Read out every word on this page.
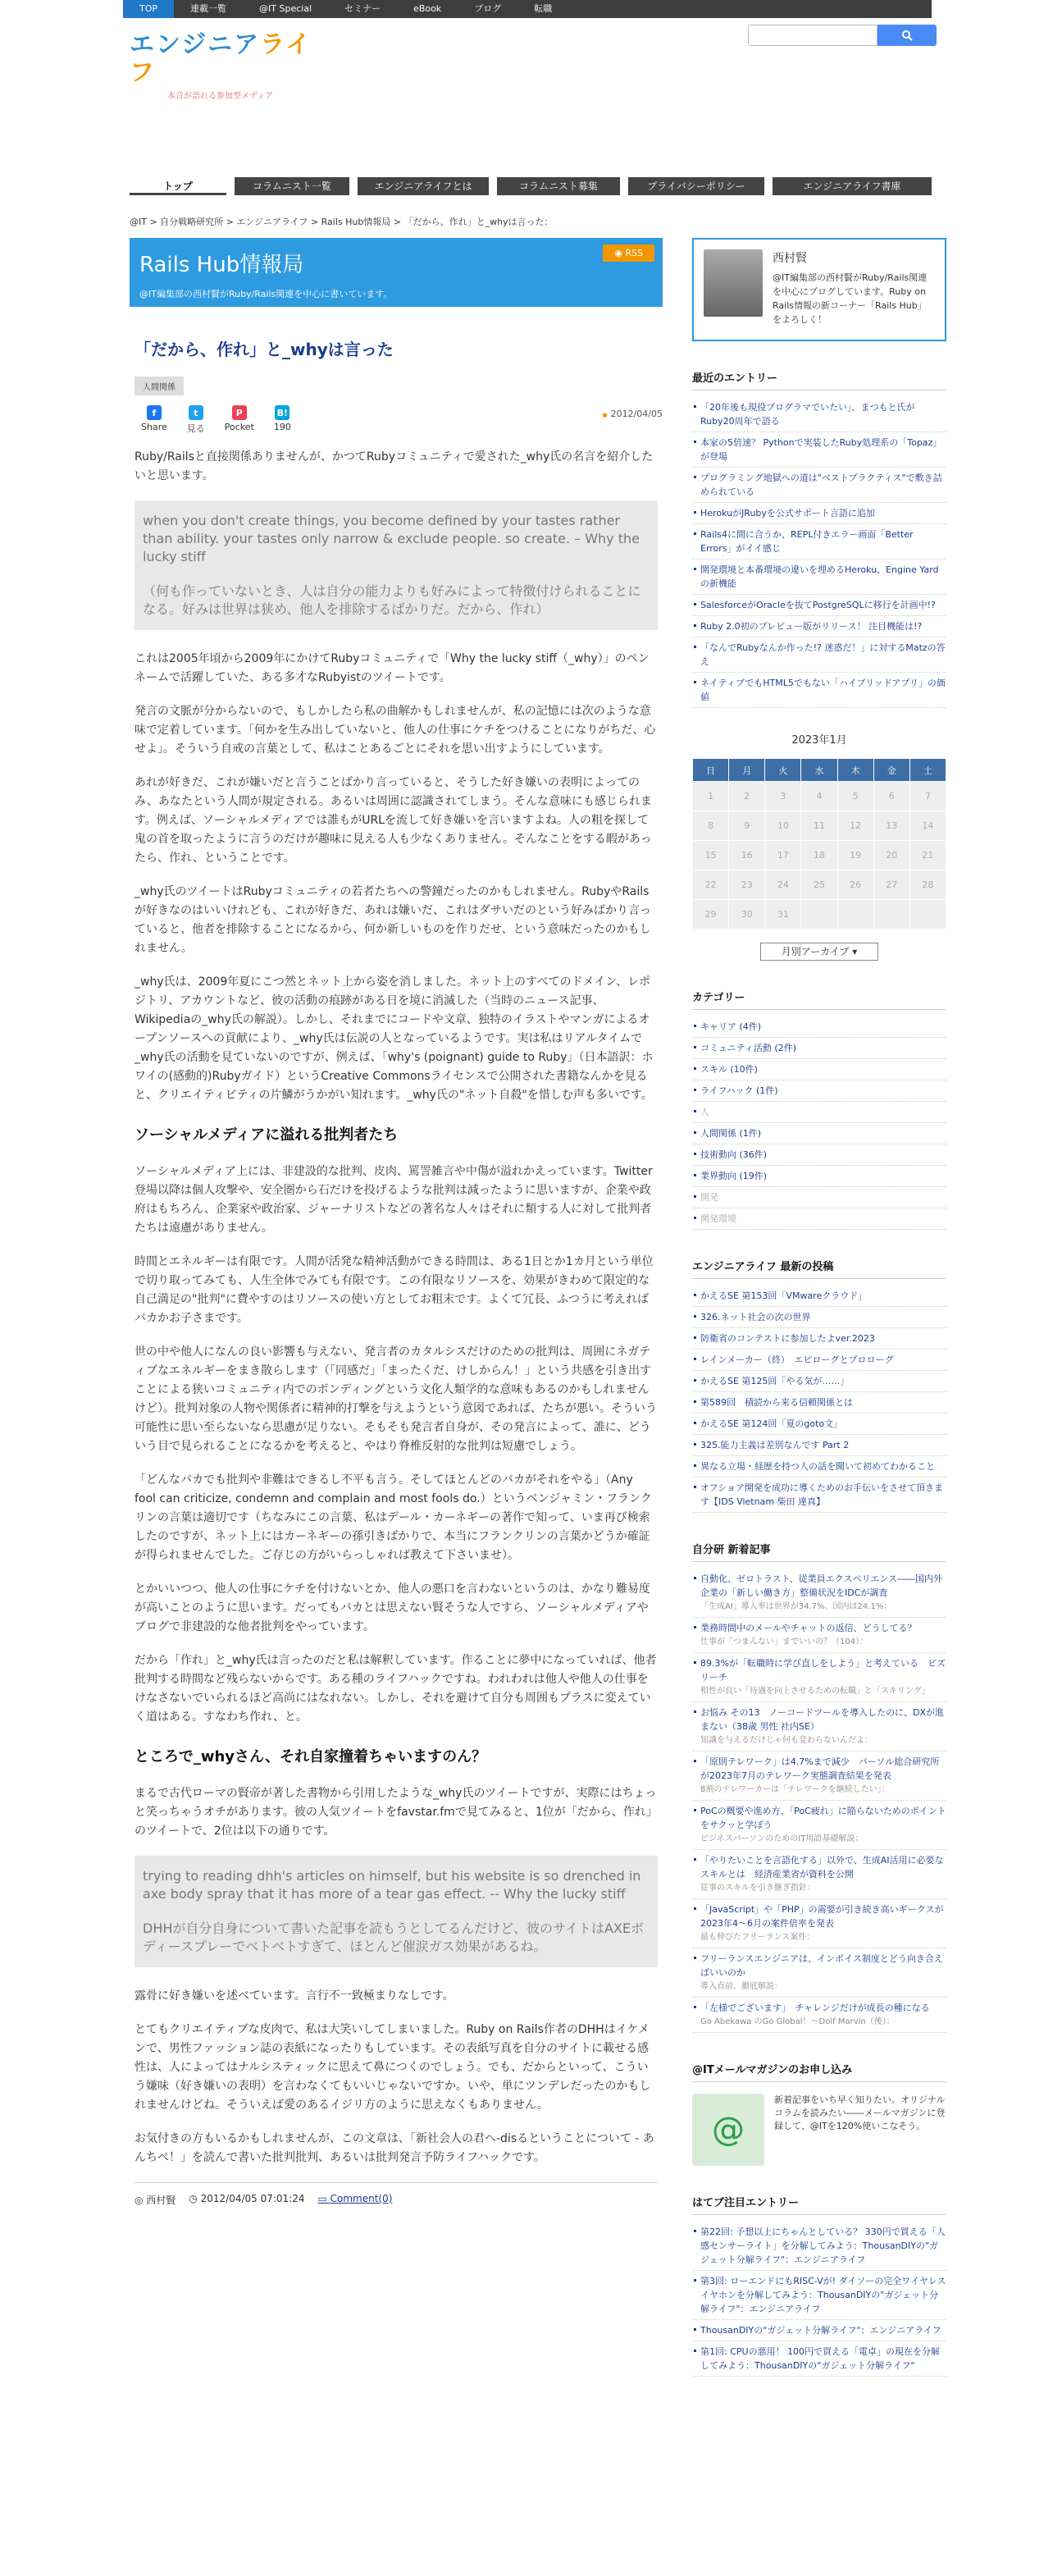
TOP	連載一覧	@IT Special	セミナー	eBook	ブログ	転職
エンジニアライフ
本音が語れる参加型メディア
トップ	コラムニスト一覧	エンジニアライフとは	コラムニスト募集	プライバシーポリシー	エンジニアライフ書庫
@IT > 自分戦略研究所 > エンジニアライフ > Rails Hub情報局 > 「だから、作れ」と_whyは言った：
Rails Hub情報局
@IT編集部の西村賢がRuby/Rails関連を中心に書いています。
◉ RSS
「だから、作れ」と_whyは言った
人間関係
● 2012/04/05
f
Share
t
見る
P
Pocket
B!
190

Ruby/Railsと直接関係ありませんが、かつてRubyコミュニティで愛された_why氏の名言を紹介したいと思います。

when you don't create things, you become defined by your tastes rather than ability. your tastes only narrow & exclude people. so create. – Why the lucky stiff

（何も作っていないとき、人は自分の能力よりも好みによって特徴付けられることになる。好みは世界は狭め、他人を排除するばかりだ。だから、作れ）

これは2005年頃から2009年にかけてRubyコミュニティで「Why the lucky stiff（_why）」のペンネームで活躍していた、ある多才なRubyistのツイートです。

発言の文脈が分からないので、もしかしたら私の曲解かもしれませんが、私の記憶には次のような意味で定着しています。「何かを生み出していないと、他人の仕事にケチをつけることになりがちだ、心せよ」。そういう自戒の言葉として、私はことあるごとにそれを思い出すようにしています。

あれが好きだ、これが嫌いだと言うことばかり言っていると、そうした好き嫌いの表明によってのみ、あなたという人間が規定される。あるいは周囲に認識されてしまう。そんな意味にも感じられます。例えば、ソーシャルメディアでは誰もがURLを流して好き嫌いを言いますよね。人の粗を探して鬼の首を取ったように言うのだけが趣味に見える人も少なくありません。そんなことをする暇があったら、作れ、ということです。

_why氏のツイートはRubyコミュニティの若者たちへの警鐘だったのかもしれません。RubyやRailsが好きなのはいいけれども、これが好きだ、あれは嫌いだ、これはダサいだのという好みばかり言っていると、他者を排除することになるから、何か新しいものを作りだせ、という意味だったのかもしれません。

_why氏は、2009年夏にこつ然とネット上から姿を消しました。ネット上のすべてのドメイン、レポジトリ、アカウントなど、彼の活動の痕跡がある日を境に消滅した（当時のニュース記事、Wikipediaの_why氏の解説）。しかし、それまでにコードや文章、独特のイラストやマンガによるオープンソースへの貢献により、_why氏は伝説の人となっているようです。実は私はリアルタイムで_why氏の活動を見ていないのですが、例えば、「why's (poignant) guide to Ruby」（日本語訳：ホワイの(感動的)Rubyガイド）というCreative Commonsライセンスで公開された書籍なんかを見ると、クリエイティビティの片鱗がうかがい知れます。_why氏の"ネット自殺"を惜しむ声も多いです。

ソーシャルメディアに溢れる批判者たち

ソーシャルメディア上には、非建設的な批判、皮肉、罵詈雑言や中傷が溢れかえっています。Twitter登場以降は個人攻撃や、安全圏から石だけを投げるような批判は減ったように思いますが、企業や政府はもちろん、企業家や政治家、ジャーナリストなどの著名な人々はそれに類する人に対して批判者たちは遠慮がありません。

時間とエネルギーは有限です。人間が活発な精神活動ができる時間は、ある1日とか1カ月という単位で切り取ってみても、人生全体でみても有限です。この有限なリソースを、効果がきわめて限定的な自己満足の"批判"に費やすのはリソースの使い方としてお粗末です。よくて冗長、ふつうに考えればバカかお子さまです。

世の中や他人になんの良い影響も与えない、発言者のカタルシスだけのための批判は、周囲にネガティブなエネルギーをまき散らします（「同感だ」「まったくだ、けしからん！」という共感を引き出すことによる狭いコミュニティ内でのボンディングという文化人類学的な意味もあるのかもしれませんけど）。批判対象の人物や関係者に精神的打撃を与えようという意図であれば、たちが悪い。そういう可能性に思い至らないなら思慮が足りない。そもそも発言者自身が、その発言によって、誰に、どういう目で見られることになるかを考えると、やはり脊椎反射的な批判は短慮でしょう。

「どんなバカでも批判や非難はできるし不平も言う。そしてほとんどのバカがそれをやる」（Any fool can criticize, condemn and complain and most fools do.）というベンジャミン・フランクリンの言葉は適切です（ちなみにこの言葉、私はデール・カーネギーの著作で知って、いま再び検索したのですが、ネット上にはカーネギーの孫引きばかりで、本当にフランクリンの言葉かどうか確証が得られませんでした。ご存じの方がいらっしゃれば教えて下さいませ）。

とかいいつつ、他人の仕事にケチを付けないとか、他人の悪口を言わないというのは、かなり難易度が高いことのように思います。だってもバカとは思えない賢そうな人ですら、ソーシャルメディアやブログで非建設的な他者批判をやっています。

だから「作れ」と_why氏は言ったのだと私は解釈しています。作ることに夢中になっていれば、他者批判する時間など残らないからです。ある種のライフハックですね。われわれは他人や他人の仕事をけなさないでいられるほど高尚にはなれない。しかし、それを避けて自分も周囲もプラスに変えていく道はある。すなわち作れ、と。

ところで_whyさん、それ自家撞着ちゃいますのん？

まるで古代ローマの賢帝が著した書物から引用したような_why氏のツイートですが、実際にはちょっと笑っちゃうオチがあります。彼の人気ツイートをfavstar.fmで見てみると、1位が「だから、作れ」のツイートで、2位は以下の通りです。

trying to reading dhh's articles on himself, but his website is so drenched in axe body spray that it has more of a tear gas effect. -- Why the lucky stiff

DHHが自分自身について書いた記事を読もうとしてるんだけど、彼のサイトはAXEボディースプレーでベトベトすぎて、ほとんど催涙ガス効果があるね。

露骨に好き嫌いを述べています。言行不一致極まりなしです。

とてもクリエイティブな皮肉で、私は大笑いしてしまいました。Ruby on Rails作者のDHHはイケメンで、男性ファッション誌の表紙になったりもしています。その表紙写真を自分のサイトに載せる感性は、人によってはナルシスティックに思えて鼻につくのでしょう。でも、だからといって、こういう嫌味（好き嫌いの表明）を言わなくてもいいじゃないですか。いや、単にツンデレだったのかもしれませんけどね。そういえば愛のあるイジリ方のように思えなくもありません。

お気付きの方もいるかもしれませんが、この文章は、「新社会人の君へ-disるということについて - あんちぺ！」を読んで書いた批判批判、あるいは批判発言予防ライフハックです。

◎ 西村賢 ◷ 2012/04/05 07:01:24 ▭ Comment(0)
西村賢
@IT編集部の西村賢がRuby/Rails関連を中心にブログしています。Ruby on Rails情報の新コーナー「Rails Hub」をよろしく！
最近のエントリー
「20年後も現役プログラマでいたい」、まつもと氏がRuby20周年で語る
本家の5倍速？ Pythonで実装したRuby処理系の「Topaz」が登場
プログラミング地獄への道は"ベストプラクティス"で敷き詰められている
HerokuがJRubyを公式サポート言語に追加
Rails4に間に合うか、REPL付きエラー画面「Better Errors」がイイ感じ
開発環境と本番環境の違いを埋めるHeroku、Engine Yardの新機能
SalesforceがOracleを抜てPostgreSQLに移行を計画中!?
Ruby 2.0初のプレビュー版がリリース！ 注目機能は!?
「なんでRubyなんか作った!? 迷惑だ！」に対するMatzの答え
ネイティブでもHTML5でもない「ハイブリッドアプリ」の価値
2023年1月
日	月	火	水	木	金	土
1	2	3	4	5	6	7
8	9	10	11	12	13	14
15	16	17	18	19	20	21
22	23	24	25	26	27	28
29	30	31				
月別アーカイブ ▾
カテゴリー
キャリア (4件)
コミュニティ活動 (2件)
スキル (10件)
ライフハック (1件)
人
人間関係 (1件)
技術動向 (36件)
業界動向 (19件)
開発
開発環境
エンジニアライフ 最新の投稿
かえるSE 第153回「VMwareクラウド」
326.ネット社会の次の世界
防衛省のコンテストに参加したよver.2023
レインメーカー（終）　エピローグとプロローグ
かえるSE 第125回「やる気が……」
第589回　積読から来る信頼関係とは
かえるSE 第124回「夏のgoto文」
325.能力主義は差別なんです Part 2
異なる立場・経歴を持つ人の話を聞いて初めてわかること
オフショア開発を成功に導くためのお手伝いをさせて頂きます【IDS Vietnam 柴田 達真】
自分研 新着記事
自動化、ゼロトラスト、従業員エクスペリエンス――国内外企業の「新しい働き方」整備状況をIDCが調査
「生成AI」導入率は世界が34.7%、国内は24.1%：
業務時間中のメールやチャットの返信、どうしてる？
仕事が「つまんない」までいいの？（104）：
89.3%が「転職時に学び直しをしよう」と考えている　ビズリーチ
相性が良い「待遇を向上させるための転職」と「スキリング」
お悩み その13　ノーコードツールを導入したのに、DXが進まない（38歳 男性 社内SE）
知識を与えるだけじゃ何も変わらないんだよ：
「原則テレワーク」は4.7%まで減少　パーソル総合研究所が2023年7月のテレワーク実態調査結果を発表
8割のテレワーカーは「テレワークを継続したい」：
PoCの概要や進め方、「PoC疲れ」に陥らないためのポイントをサクッと学ぼう
ビジネスパーソンのためのIT用語基礎解説：
「やりたいことを言語化する」以外で、生成AI活用に必要なスキルとは　経済産業省が資料を公開
従事のスキルを引き継ぎ指針：
「JavaScript」や「PHP」の需要が引き続き高いギークスが2023年4〜6月の案件倍率を発表
最も伸びたフリーランス案件：
フリーランスエンジニアは、インボイス制度とどう向き合えばいいのか
導入直前、徹底解説：
「左様でございます」　チャレンジだけが成長の種になる
Go Abekawa のGo Global！〜Dolf Marvin（後）：
@ITメールマガジンのお申し込み
@
新着記事をいち早く知りたい。オリジナルコラムを読みたい――メールマガジンに登録して、@ITを120%使いこなそう。
はてブ注目エントリー
第22回: 予想以上にちゃんとしている？ 330円で買える「人感センサーライト」を分解してみよう：ThousanDIYの"ガジェット分解ライフ"：エンジニアライフ
第3回: ローエンドにもRISC-Vが! ダイソーの完全ワイヤレスイヤホンを分解してみよう：ThousanDIYの"ガジェット分解ライフ"：エンジニアライフ
ThousanDIYの"ガジェット分解ライフ"：エンジニアライフ
第1回: CPUの悪用！ 100円で買える「電卓」の現在を分解してみよう：ThousanDIYの"ガジェット分解ライフ"
